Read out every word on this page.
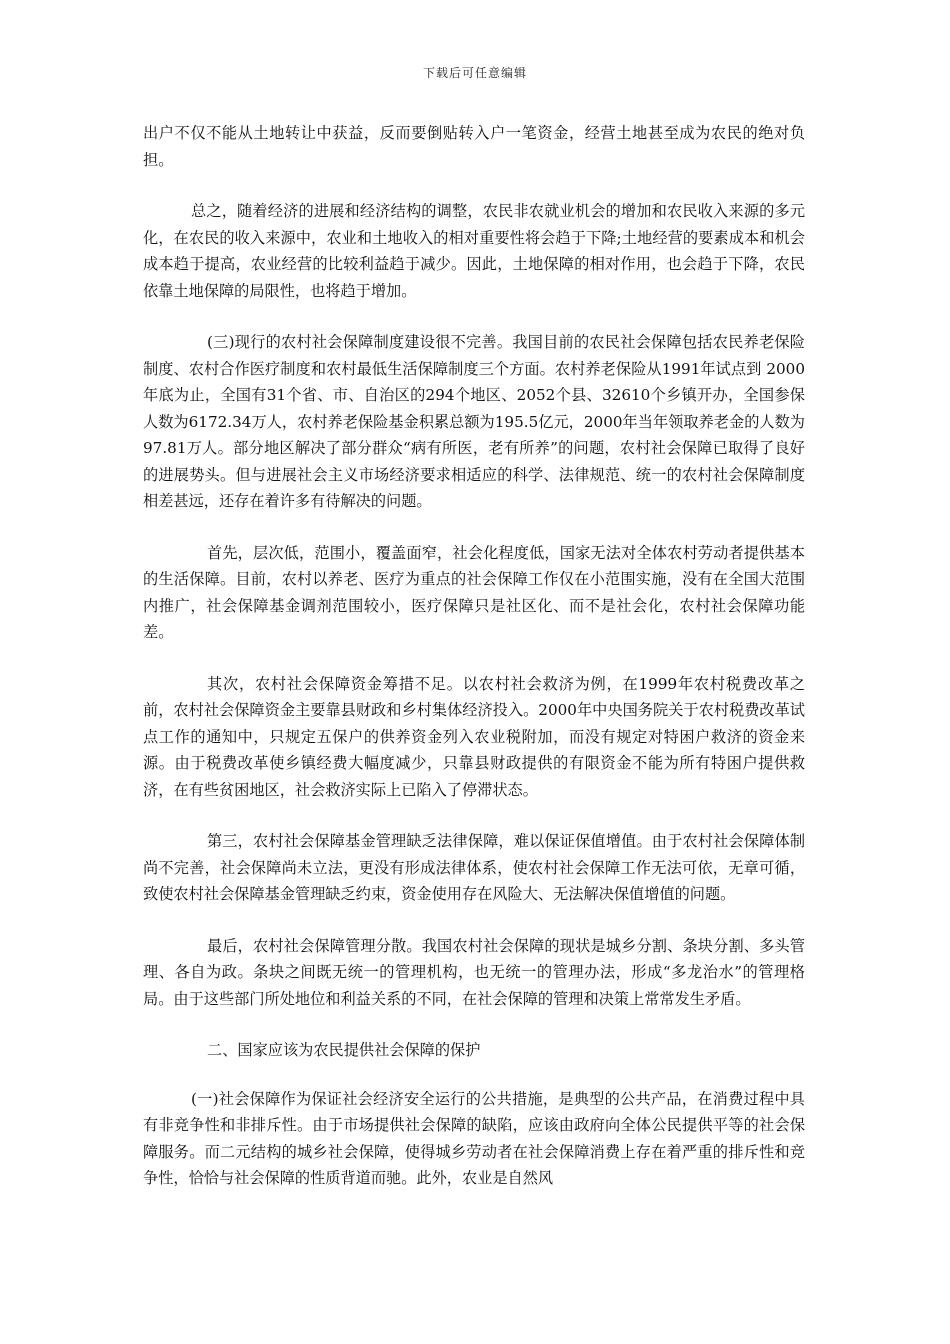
下载后可任意编辑

出户不仅不能从土地转让中获益，反而要倒贴转入户一笔资金，经营土地甚至成为农民的绝对负担。

总之，随着经济的进展和经济结构的调整，农民非农就业机会的增加和农民收入来源的多元化，在农民的收入来源中，农业和土地收入的相对重要性将会趋于下降;土地经营的要素成本和机会成本趋于提高，农业经营的比较利益趋于减少。因此，土地保障的相对作用，也会趋于下降，农民依靠土地保障的局限性，也将趋于增加。

(三)现行的农村社会保障制度建设很不完善。我国目前的农民社会保障包括农民养老保险制度、农村合作医疗制度和农村最低生活保障制度三个方面。农村养老保险从1991年试点到 2000年底为止，全国有31个省、市、自治区的294个地区、2052个县、32610个乡镇开办，全国参保人数为6172.34万人，农村养老保险基金积累总额为195.5亿元，2000年当年领取养老金的人数为97.81万人。部分地区解决了部分群众“病有所医，老有所养”的问题，农村社会保障已取得了良好的进展势头。但与进展社会主义市场经济要求相适应的科学、法律规范、统一的农村社会保障制度相差甚远，还存在着许多有待解决的问题。

首先，层次低，范围小，覆盖面窄，社会化程度低，国家无法对全体农村劳动者提供基本的生活保障。目前，农村以养老、医疗为重点的社会保障工作仅在小范围实施，没有在全国大范围内推广，社会保障基金调剂范围较小，医疗保障只是社区化、而不是社会化，农村社会保障功能差。

其次，农村社会保障资金筹措不足。以农村社会救济为例，在1999年农村税费改革之前，农村社会保障资金主要靠县财政和乡村集体经济投入。2000年中央国务院关于农村税费改革试点工作的通知中，只规定五保户的供养资金列入农业税附加，而没有规定对特困户救济的资金来源。由于税费改革使乡镇经费大幅度减少，只靠县财政提供的有限资金不能为所有特困户提供救济，在有些贫困地区，社会救济实际上已陷入了停滞状态。

第三，农村社会保障基金管理缺乏法律保障，难以保证保值增值。由于农村社会保障体制尚不完善，社会保障尚未立法，更没有形成法律体系，使农村社会保障工作无法可依，无章可循，致使农村社会保障基金管理缺乏约束，资金使用存在风险大、无法解决保值增值的问题。

最后，农村社会保障管理分散。我国农村社会保障的现状是城乡分割、条块分割、多头管理、各自为政。条块之间既无统一的管理机构，也无统一的管理办法，形成“多龙治水”的管理格局。由于这些部门所处地位和利益关系的不同，在社会保障的管理和决策上常常发生矛盾。

二、国家应该为农民提供社会保障的保护

(一)社会保障作为保证社会经济安全运行的公共措施，是典型的公共产品，在消费过程中具有非竞争性和非排斥性。由于市场提供社会保障的缺陷，应该由政府向全体公民提供平等的社会保障服务。而二元结构的城乡社会保障，使得城乡劳动者在社会保障消费上存在着严重的排斥性和竞争性，恰恰与社会保障的性质背道而驰。此外，农业是自然风
